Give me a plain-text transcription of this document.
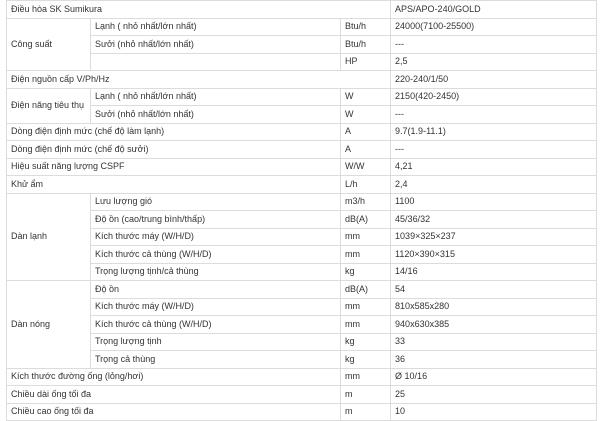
Điều hòa SK Sumikura			APS/APO-240/GOLD
Công suất	Lạnh ( nhỏ nhất/lớn nhất)	Btu/h	24000(7100-25500)
	Sưởi (nhỏ nhất/lớn nhất)	Btu/h	---
		HP	2,5
Điện nguồn cấp V/Ph/Hz			220-240/1/50
Điện năng tiêu thụ	Lạnh ( nhỏ nhất/lớn nhất)	W	2150(420-2450)
	Sưởi (nhỏ nhất/lớn nhất)	W	---
Dòng điện định mức (chế độ làm lạnh)		A	9.7(1.9-11.1)
Dòng điện định mức (chế độ sưởi)		A	---
Hiệu suất năng lượng CSPF		W/W	4,21
Khử ẩm		L/h	2,4
Dàn lạnh	Lưu lượng gió	m3/h	1100
	Độ ồn (cao/trung bình/thấp)	dB(A)	45/36/32
	Kích thước máy (W/H/D)	mm	1039×325×237
	Kích thước cả thùng (W/H/D)	mm	1120×390×315
	Trọng lượng tịnh/cả thùng	kg	14/16
Dàn nóng	Độ ồn	dB(A)	54
	Kích thước máy (W/H/D)	mm	810x585x280
	Kích thước cả thùng (W/H/D)	mm	940x630x385
	Trọng lượng tịnh	kg	33
	Trọng cả thùng	kg	36
Kích thước đường ống (lỏng/hơi)		mm	Ø 10/16
Chiều dài ống tối đa		m	25
Chiều cao ống tối đa		m	10
